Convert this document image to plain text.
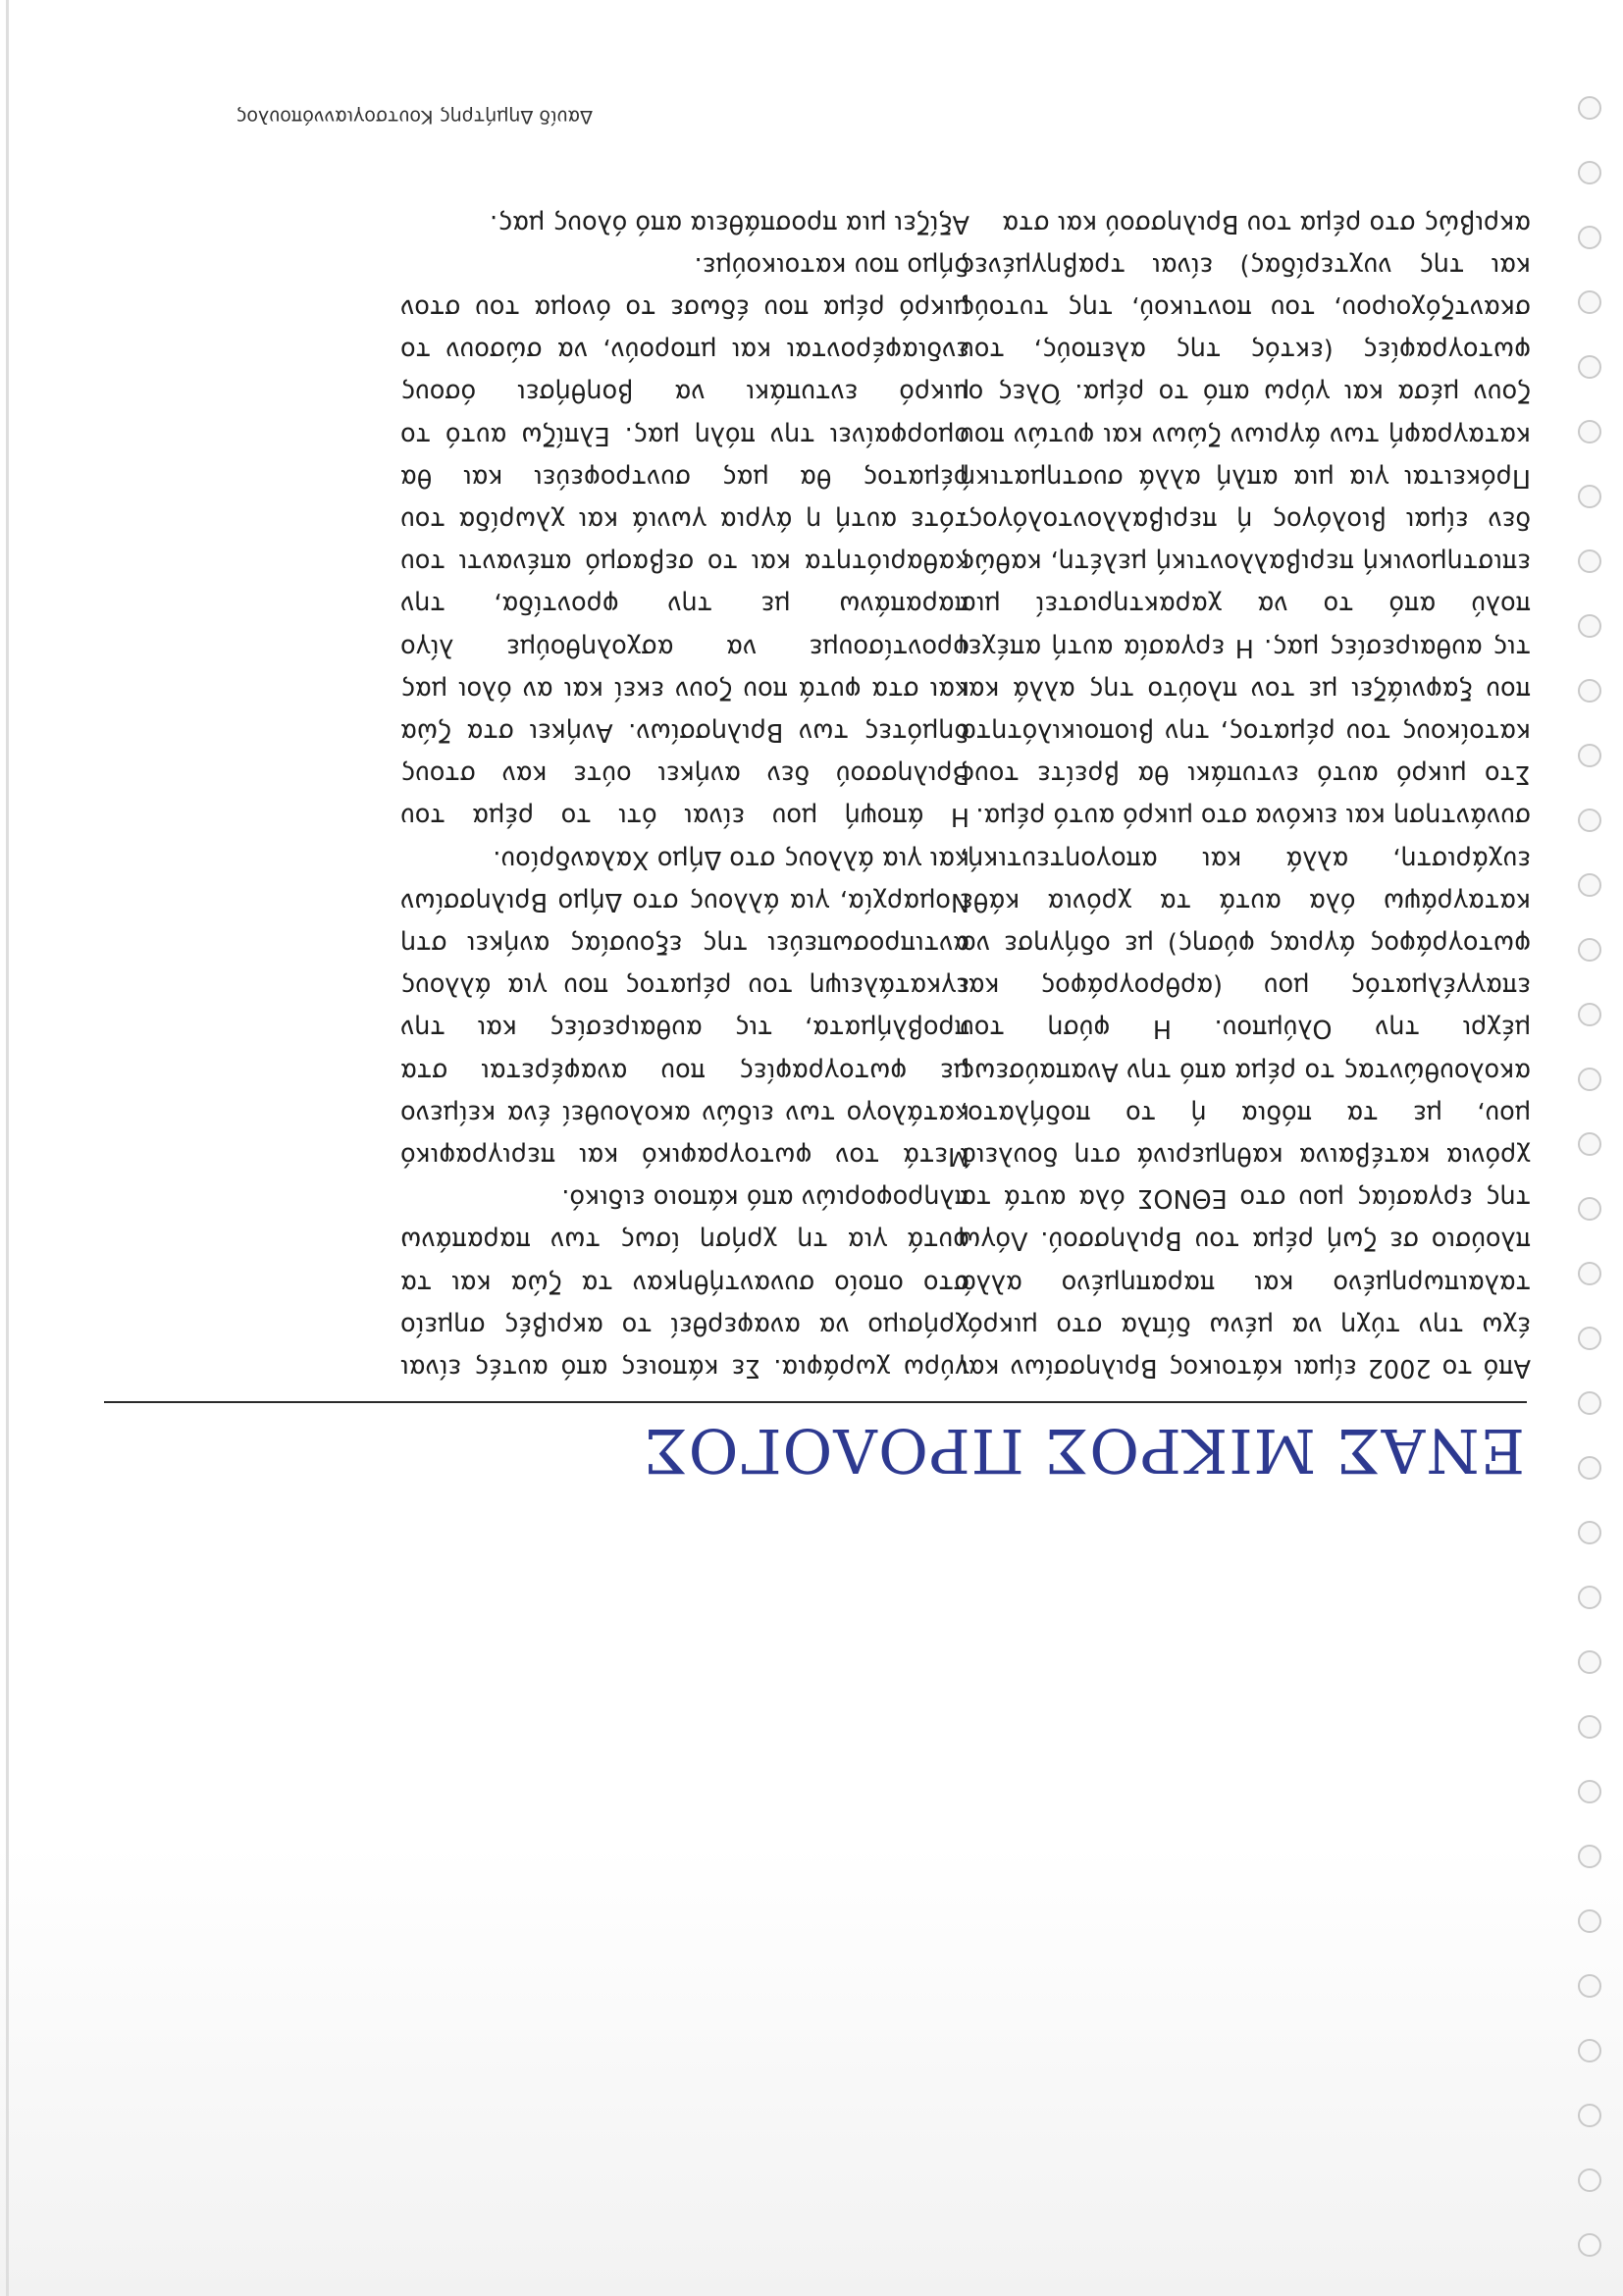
ΕΝΑΣ ΜΙΚΡΟΣ ΠΡΟΛΟΓΟΣ

Από το 2002 είμαι κάτοικος Βριλησσίων και έχω την τύχη να μένω δίπλα στο μικρό, ταλαιπωρημένο και παραπημένο αλλά πλούσιο σε ζωή ρέμα του Βριλησσού. Λόγω της εργασίας μου στο ΕΘΝΟΣ όλα αυτά τα χρόνια κατέβαινα καθημερινά στη δουλειά μου, με τα πόδια ή το ποδήλατο, ακολουθώντας το ρέμα από την Αναπαύσεως μέχρι την Ολύμπου. Η φύση του επαγγέλματός μου (αρθρογράφος και φωτογράφος άγριας φύσης) με οδήγησε να καταγράψω όλα αυτά τα χρόνια κάθε ευχάριστη, αλλά και απογοητευτική, συνάντηση και εικόνα στο μικρό αυτό ρέμα.

Στο μικρό αυτό εντυπάκι θα βρείτε τους κατοίκους του ρέματος, την βιοποικιλότητα που ξαφνιάζει με τον πλούτο της αλλά και τις αυθαιρεσίες μας. Η εργασία αυτή απέχει πολύ από το να χαρακτηριστεί μια επιστημονική περιβαλλοντική μελέτη, καθώς δεν είμαι βιολόγος ή περιβαλλοντολόγος. Πρόκειται για μια απλή αλλά συστηματική καταγραφή των άγριων ζώων και φυτών που ζουν μέσα και γύρω από το ρέμα. Όλες οι φωτογραφίες (εκτός της αλεπούς, του σκαντζόχοιρου, του ποντικού, της τυτούς και της νυχτερίδας) είναι τραβηγμένες ακριβώς στο ρέμα του Βριλησσού και στα

γύρω χωράφια. Σε κάποιες από αυτές είναι χρήσιμο να αναφερθεί το ακριβές σημείο στο οποίο συναντήθηκαν τα ζώα και τα φυτά για τη χρήση ίσως των παραπάνω πληροφοριών από κάποιο ειδικό.

Μετά τον φωτογραφικό και περιγραφικό κατάλογο των ειδών ακολουθεί ένα κείμενο με φωτογραφίες που αναφέρεται στα προβλήματα, τις αυθαιρεσίες και την εγκατάλειψη του ρέματος που για άλλους αντιπροσωπεύει της εξουσίας ανήκει στη Νομαρχία, για άλλους στο Δήμο Βριλησσίων και για άλλους στο Δήμο Χαλανδρίου.

Η άποψή μου είναι ότι το ρέμα του Βριλησσού δεν ανήκει ούτε καν στους δημότες των Βριλησσίων. Ανήκει στα ζώα και στα φυτά που ζουν εκεί και αν όλοι μας φροντίσουμε να ασχοληθούμε λίγο παραπάνω με την φροντίδα, την καθαριότητα και το σεβασμό απέναντι του τότε αυτή η άγρια γωνιά και χλωρίδα του ρέματος θα μας συντροφεύει και θα ομορφαίνει την πόλη μας. Ελπίζω αυτό το μικρό εντυπάκι να βοηθήσει όσους ενδιαφέρονται και μπορούν, να σώσουν το μικρό ρέμα που έδωσε το όνομα του στον δήμο που κατοικούμε.

Αξίζει μια προσπάθεια από όλους μας.

Δαυίδ Δημήτρης Κουτσογιαννόπουλος
